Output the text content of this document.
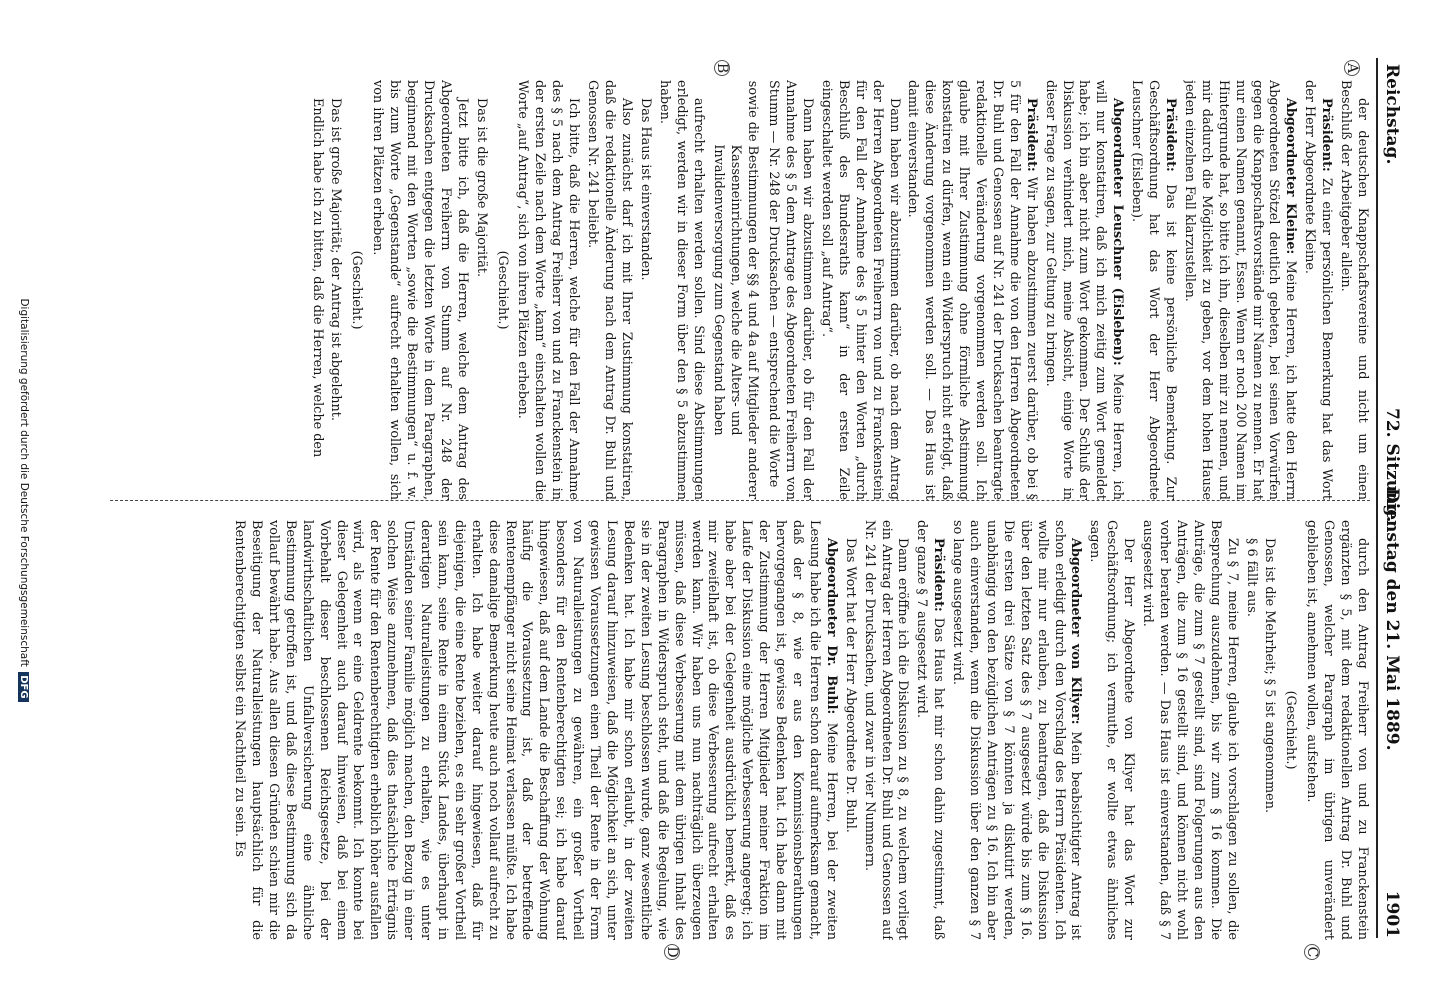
Reichstag.
72. Sitzung.
Dienstag den 21. Mai 1889.
1901
A
B
C
D

der deutschen Knappschaftsvereine und nicht um einen Beschluß der Arbeitgeber allein.

Präsident: Zu einer persönlichen Bemerkung hat das Wort der Herr Abgeordnete Kleine.

Abgeordneter Kleine: Meine Herren, ich hatte den Herrn Abgeordneten Stötzel deutlich gebeten, bei seinen Vorwürfen gegen die Knappschaftsvorstände mir Namen zu nennen. Er hat nur einen Namen genannt, Essen. Wenn er noch 200 Namen im Hintergrunde hat, so bitte ich ihn, dieselben mir zu nennen, und mir dadurch die Möglichkeit zu geben, vor dem hohen Hause jeden einzelnen Fall klarzustellen.

Präsident: Das ist keine persönliche Bemerkung. Zur Geschäftsordnung hat das Wort der Herr Abgeordnete Leuschner (Eisleben).

Abgeordneter Leuschner (Eisleben): Meine Herren, ich will nur konstatiren, daß ich mich zeitig zum Wort gemeldet habe; ich bin aber nicht zum Wort gekommen. Der Schluß der Diskussion verhindert mich, meine Absicht, einige Worte in dieser Frage zu sagen, zur Geltung zu bringen.

Präsident: Wir haben abzustimmen zuerst darüber, ob bei § 5 für den Fall der Annahme die von den Herren Abgeordneten Dr. Buhl und Genossen auf Nr. 241 der Drucksachen beantragte redaktionelle Veränderung vorgenommen werden soll. Ich glaube mit Ihrer Zustimmung ohne förmliche Abstimmung konstatiren zu dürfen, wenn ein Widerspruch nicht erfolgt, daß diese Änderung vorgenommen werden soll. — Das Haus ist damit einverstanden.

Dann haben wir abzustimmen darüber, ob nach dem Antrag der Herren Abgeordneten Freiherrn von und zu Franckenstein für den Fall der Annahme des § 5 hinter den Worten „durch Beschluß des Bundesraths kann“ in der ersten Zeile eingeschaltet werden soll „auf Antrag“.

Dann haben wir abzustimmen darüber, ob für den Fall der Annahme des § 5 dem Antrage des Abgeordneten Freiherrn von Stumm — Nr. 248 der Drucksachen — entsprechend die Worte

sowie die Bestimmungen der §§ 4 und 4a auf Mitglieder anderer Kasseneinrichtungen, welche die Alters- und Invalidenversorgung zum Gegenstand haben

aufrecht erhalten werden sollen. Sind diese Abstimmungen erledigt, werden wir in dieser Form über den § 5 abzustimmen haben.

Das Haus ist einverstanden.

Also zunächst darf ich mit Ihrer Zustimmung konstatiren, daß die redaktionelle Änderung nach dem Antrag Dr. Buhl und Genossen Nr. 241 beliebt.

Ich bitte, daß die Herren, welche für den Fall der Annahme des § 5 nach dem Antrag Freiherr von und zu Franckenstein in der ersten Zeile nach dem Worte „kann“ einschalten wollen die Worte „auf Antrag“, sich von ihren Plätzen erheben.

(Geschieht.)

Das ist die große Majorität.

Jetzt bitte ich, daß die Herren, welche dem Antrag des Abgeordneten Freiherrn von Stumm auf Nr. 248 der Drucksachen entgegen die letzten Worte in dem Paragraphen, beginnend mit den Worten „sowie die Bestimmungen“ u. f. w. bis zum Worte „Gegenstande“ aufrecht erhalten wollen, sich von ihren Plätzen erheben.

(Geschieht.)

Das ist große Majorität; der Antrag ist abgelehnt.

Endlich habe ich zu bitten, daß die Herren, welche den

durch den Antrag Freiherr von und zu Franckenstein ergänzten § 5, mit dem redaktionellen Antrag Dr. Buhl und Genossen, welcher Paragraph im übrigen unverändert geblieben ist, annehmen wollen, aufstehen.

(Geschieht.)

Das ist die Mehrheit; § 5 ist angenommen.

§ 6 fällt aus.

Zu § 7, meine Herren, glaube ich vorschlagen zu sollen, die Besprechung auszudehnen, bis wir zum § 16 kommen. Die Anträge, die zum § 7 gestellt sind, sind Folgerungen aus den Anträgen, die zum § 16 gestellt sind, und können nicht wohl vorher beraten werden. — Das Haus ist einverstanden, daß § 7 ausgesetzt wird.

Der Herr Abgeordnete von Kliyer hat das Wort zur Geschäftsordnung; ich vermuthe, er wollte etwas ähnliches sagen.

Abgeordneter von Kliyer: Mein beabsichtigter Antrag ist schon erledigt durch den Vorschlag des Herrn Präsidenten. Ich wollte mir nur erlauben, zu beantragen, daß die Diskussion über den letzten Satz des § 7 ausgesetzt würde bis zum § 16. Die ersten drei Sätze von § 7 könnten ja diskutirt werden, unabhängig von den bezüglichen Anträgen zu § 16. Ich bin aber auch einverstanden, wenn die Diskussion über den ganzen § 7 so lange ausgesetzt wird.

Präsident: Das Haus hat mir schon dahin zugestimmt, daß der ganze § 7 ausgesetzt wird.

Dann eröffne ich die Diskussion zu § 8, zu welchem vorliegt ein Antrag der Herren Abgeordneten Dr. Buhl und Genossen auf Nr. 241 der Drucksachen, und zwar in vier Nummern.

Das Wort hat der Herr Abgeordnete Dr. Buhl.

Abgeordneter Dr. Buhl: Meine Herren, bei der zweiten Lesung habe ich die Herren schon darauf aufmerksam gemacht, daß der § 8, wie er aus den Kommissionsberathungen hervorgegangen ist, gewisse Bedenken hat. Ich habe dann mit der Zustimmung der Herren Mitglieder meiner Fraktion im Laufe der Diskussion eine mögliche Verbesserung angeregt; ich habe aber bei der Gelegenheit ausdrücklich bemerkt, daß es mir zweifelhaft ist, ob diese Verbesserung aufrecht erhalten werden kann. Wir haben uns nun nachträglich überzeugen müssen, daß diese Verbesserung mit dem übrigen Inhalt des Paragraphen in Widerspruch steht, und daß die Regelung, wie sie in der zweiten Lesung beschlossen wurde, ganz wesentliche Bedenken hat. Ich habe mir schon erlaubt, in der zweiten Lesung darauf hinzuweisen, daß die Möglichkeit an sich, unter gewissen Voraussetzungen einen Theil der Rente in der Form von Naturalleistungen zu gewähren, ein großer Vortheil besonders für den Rentenberechtigten sei; ich habe darauf hingewiesen, daß auf dem Lande die Beschaffung der Wohnung häufig die Voraussetzung ist, daß der betreffende Rentenempfänger nicht seine Heimat verlassen müßte. Ich habe diese damalige Bemerkung heute auch noch vollauf aufrecht zu erhalten. Ich habe weiter darauf hingewiesen, daß für diejenigen, die eine Rente beziehen, es ein sehr großer Vortheil sein kann, seine Rente in einem Stück Landes, überhaupt in derartigen Naturalleistungen zu erhalten, wie es unter Umständen seiner Familie möglich machen, den Bezug in einer solchen Weise anzunehmen, daß dies thatsächliche Erträgnis der Rente für den Rentenberechtigten erheblich höher ausfallen wird, als wenn er eine Geldrente bekommt. Ich konnte bei dieser Gelegenheit auch darauf hinweisen, daß bei einem Vorbehalt dieser beschlossenen Reichsgesetze, bei der landwirthschaftlichen Unfallversicherung eine ähnliche Bestimmung getroffen ist, und daß diese Bestimmung sich da vollauf bewährt habe. Aus allen diesen Gründen schien mir die Beseitigung der Naturalleistungen hauptsächlich für die Rentenberechtigten selbst ein Nachtheil zu sein. Es

Digitalisierung gefördert durch die Deutsche Forschungsgemeinschaft DFG
